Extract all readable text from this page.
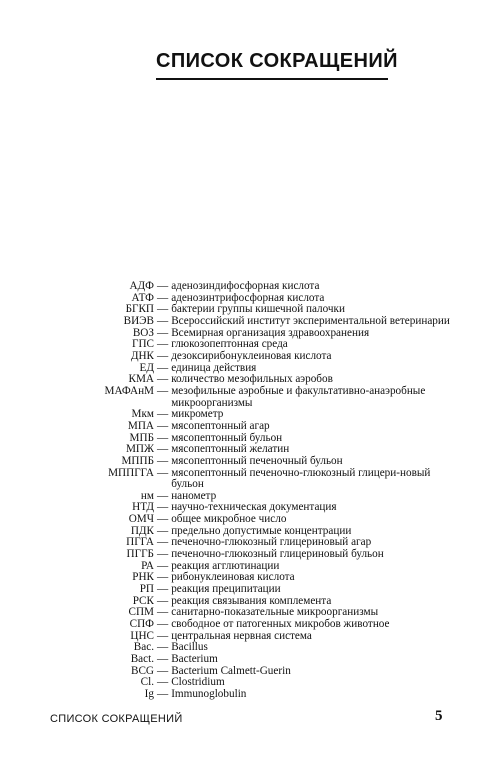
СПИСОК СОКРАЩЕНИЙ
АДФ — аденозиндифосфорная кислота
АТФ — аденозинтрифосфорная кислота
БГКП — бактерии группы кишечной палочки
ВИЭВ — Всероссийский институт экспериментальной ветеринарии
ВОЗ — Всемирная организация здравоохранения
ГПС — глюкозопептонная среда
ДНК — дезоксирибонуклеиновая кислота
ЕД — единица действия
КМА — количество мезофильных аэробов
МАФАнМ — мезофильные аэробные и факультативно-анаэробные микроорганизмы
Мкм — микрометр
МПА — мясопептонный агар
МПБ — мясопептонный бульон
МПЖ — мясопептонный желатин
МППБ — мясопептонный печеночный бульон
МППГГА — мясопептонный печеночно-глюкозный глицери-новый бульон
нм — нанометр
НТД — научно-техническая документация
ОМЧ — общее микробное число
ПДК — предельно допустимые концентрации
ПГГА — печеночно-глюкозный глицериновый агар
ПГГБ — печеночно-глюкозный глицериновый бульон
РА — реакция агглютинации
РНК — рибонуклеиновая кислота
РП — реакция преципитации
РСК — реакция связывания комплемента
СПМ — санитарно-показательные микроорганизмы
СПФ — свободное от патогенных микробов животное
ЦНС — центральная нервная система
Bac. — Bacillus
Bact. — Bacterium
BCG — Bacterium Calmett-Guerin
Cl. — Clostridium
Ig — Immunoglobulin
СПИСОК СОКРАЩЕНИЙ	5
